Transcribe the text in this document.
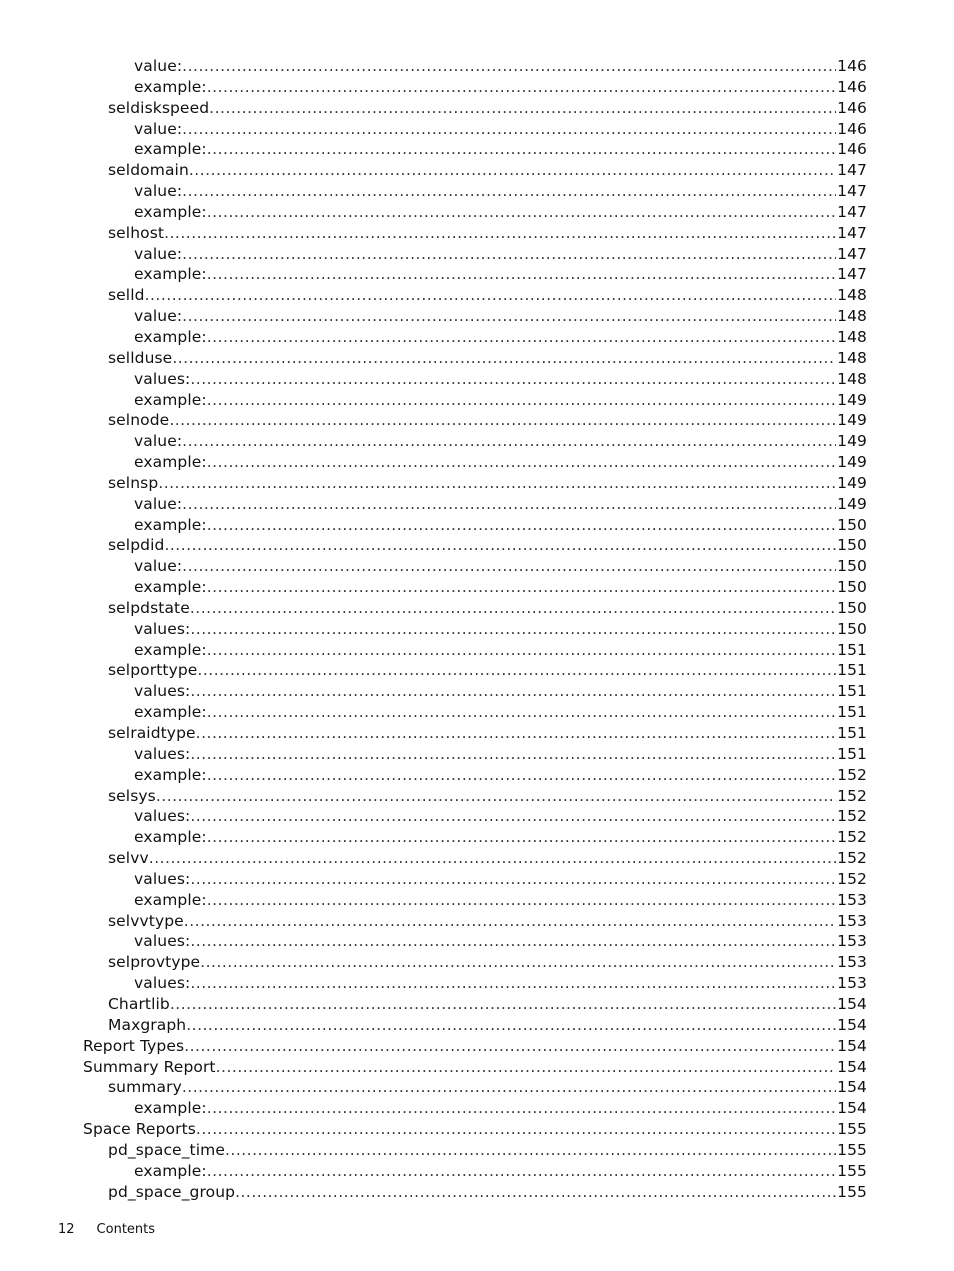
value: .....	146
example: .....	146
seldiskspeed .....	146
value: .....	146
example: .....	146
seldomain .....	147
value: .....	147
example: .....	147
selhost .....	147
value: .....	147
example: .....	147
selld .....	148
value: .....	148
example: .....	148
sellduse .....	148
values: .....	148
example: .....	149
selnode .....	149
value: .....	149
example: .....	149
selnsp .....	149
value: .....	149
example: .....	150
selpdid .....	150
value: .....	150
example: .....	150
selpdstate .....	150
values: .....	150
example: .....	151
selporttype .....	151
values: .....	151
example: .....	151
selraidtype .....	151
values: .....	151
example: .....	152
selsys .....	152
values: .....	152
example: .....	152
selvv .....	152
values: .....	152
example: .....	153
selvvtype .....	153
values: .....	153
selprovtype .....	153
values: .....	153
Chartlib .....	154
Maxgraph .....	154
Report Types .....	154
Summary Report .....	154
summary .....	154
example: .....	154
Space Reports .....	155
pd_space_time .....	155
example: .....	155
pd_space_group .....	155
12 Contents
